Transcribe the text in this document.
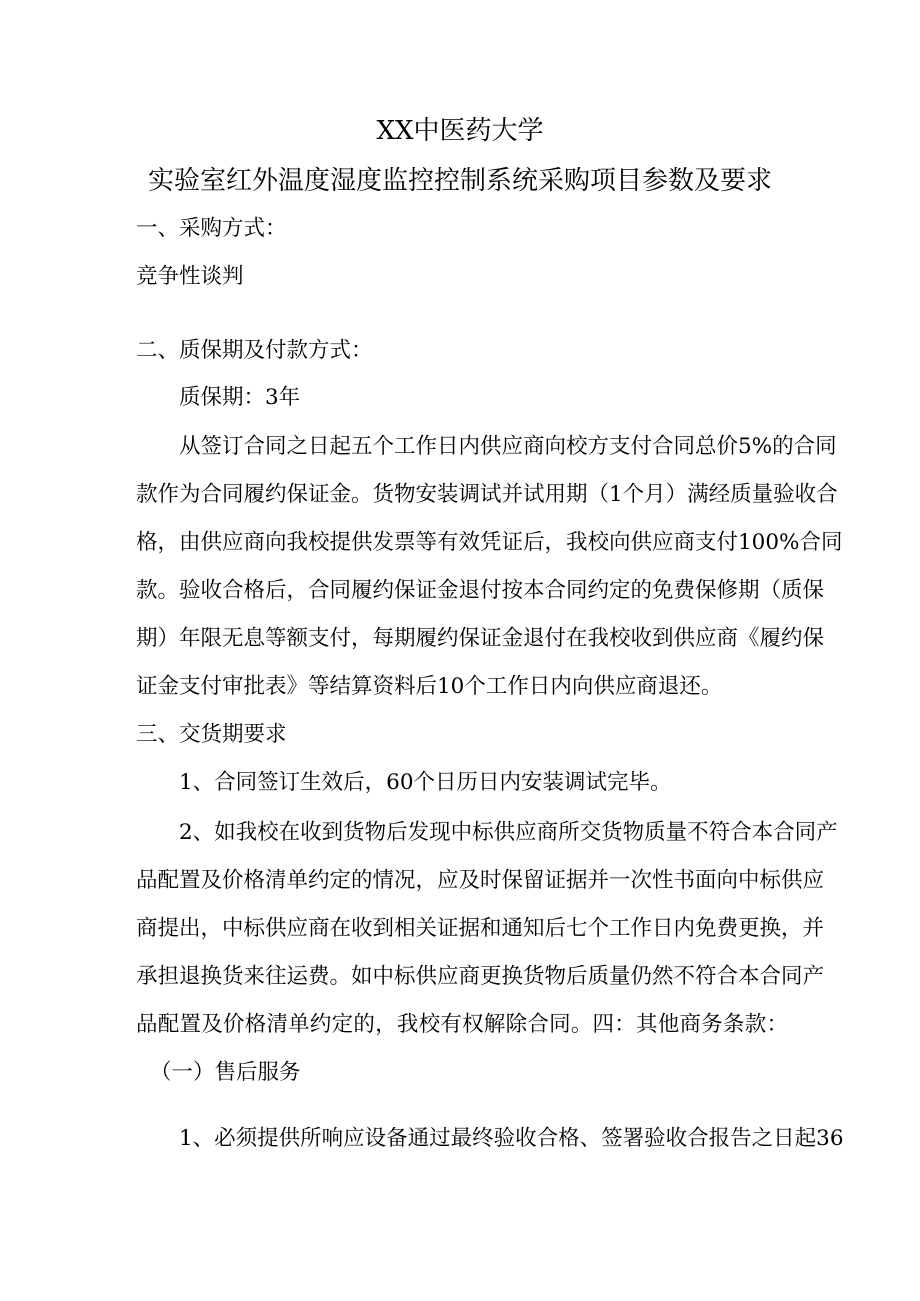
XX中医药大学
实验室红外温度湿度监控控制系统采购项目参数及要求
一、采购方式：
竞争性谈判
二、质保期及付款方式：
质保期：3年
从签订合同之日起五个工作日内供应商向校方支付合同总价5%的合同
款作为合同履约保证金。货物安装调试并试用期（1个月）满经质量验收合
格，由供应商向我校提供发票等有效凭证后，我校向供应商支付100%合同
款。验收合格后，合同履约保证金退付按本合同约定的免费保修期（质保
期）年限无息等额支付，每期履约保证金退付在我校收到供应商《履约保
证金支付审批表》等结算资料后10个工作日内向供应商退还。
三、交货期要求
1、合同签订生效后，60个日历日内安装调试完毕。
2、如我校在收到货物后发现中标供应商所交货物质量不符合本合同产
品配置及价格清单约定的情况，应及时保留证据并一次性书面向中标供应
商提出，中标供应商在收到相关证据和通知后七个工作日内免费更换，并
承担退换货来往运费。如中标供应商更换货物后质量仍然不符合本合同产
品配置及价格清单约定的，我校有权解除合同。四：其他商务条款：
（一）售后服务
1、必须提供所响应设备通过最终验收合格、签署验收合报告之日起36
